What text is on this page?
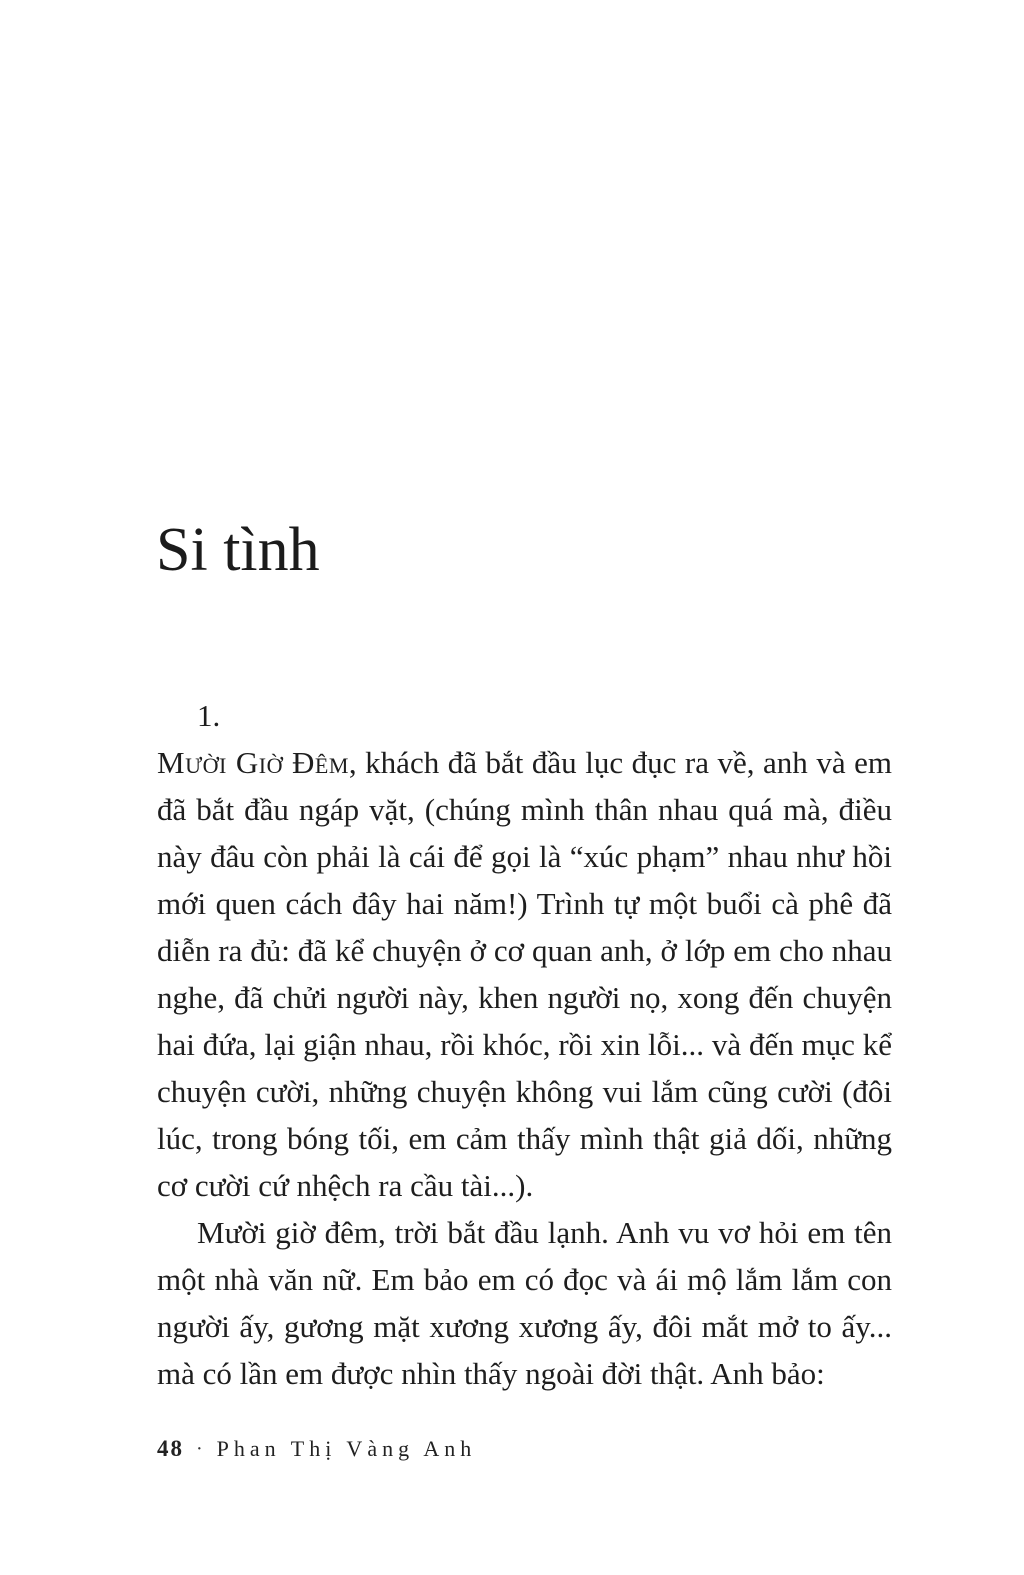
Si tình
1.

Mười Giờ Đêm, khách đã bắt đầu lục đục ra về, anh và em đã bắt đầu ngáp vặt, (chúng mình thân nhau quá mà, điều này đâu còn phải là cái để gọi là “xúc phạm” nhau như hồi mới quen cách đây hai năm!) Trình tự một buổi cà phê đã diễn ra đủ: đã kể chuyện ở cơ quan anh, ở lớp em cho nhau nghe, đã chửi người này, khen người nọ, xong đến chuyện hai đứa, lại giận nhau, rồi khóc, rồi xin lỗi... và đến mục kể chuyện cười, những chuyện không vui lắm cũng cười (đôi lúc, trong bóng tối, em cảm thấy mình thật giả dối, những cơ cười cứ nhệch ra cầu tài...).

Mười giờ đêm, trời bắt đầu lạnh. Anh vu vơ hỏi em tên một nhà văn nữ. Em bảo em có đọc và ái mộ lắm lắm con người ấy, gương mặt xương xương ấy, đôi mắt mở to ấy... mà có lần em được nhìn thấy ngoài đời thật. Anh bảo:

48 · Phan Thị Vàng Anh
